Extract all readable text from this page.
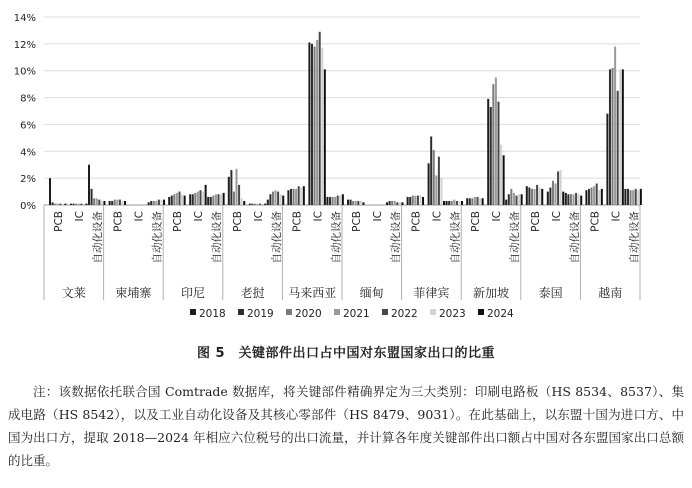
0%
2%
4%
6%
8%
10%
12%
14%
PCB IC 自动化设备
文莱
PCB IC 自动化设备
柬埔寨
PCB IC 自动化设备
印尼
PCB IC 自动化设备
老挝
PCB IC 自动化设备
马来西亚
PCB IC 自动化设备
缅甸
PCB IC 自动化设备
菲律宾
PCB IC 自动化设备
新加坡
PCB IC 自动化设备
泰国
PCB IC 自动化设备
越南
2018 2019 2020 2021 2022 2023 2024
图 5　关键部件出口占中国对东盟国家出口的比重
注：该数据依托联合国 Comtrade 数据库，将关键部件精确界定为三大类别：印刷电路板（HS 8534、8537）、集成电路（HS 8542），以及工业自动化设备及其核心零部件（HS 8479、9031）。在此基础上，以东盟十国为进口方、中国为出口方，提取 2018—2024 年相应六位税号的出口流量，并计算各年度关键部件出口额占中国对各东盟国家出口总额的比重。
